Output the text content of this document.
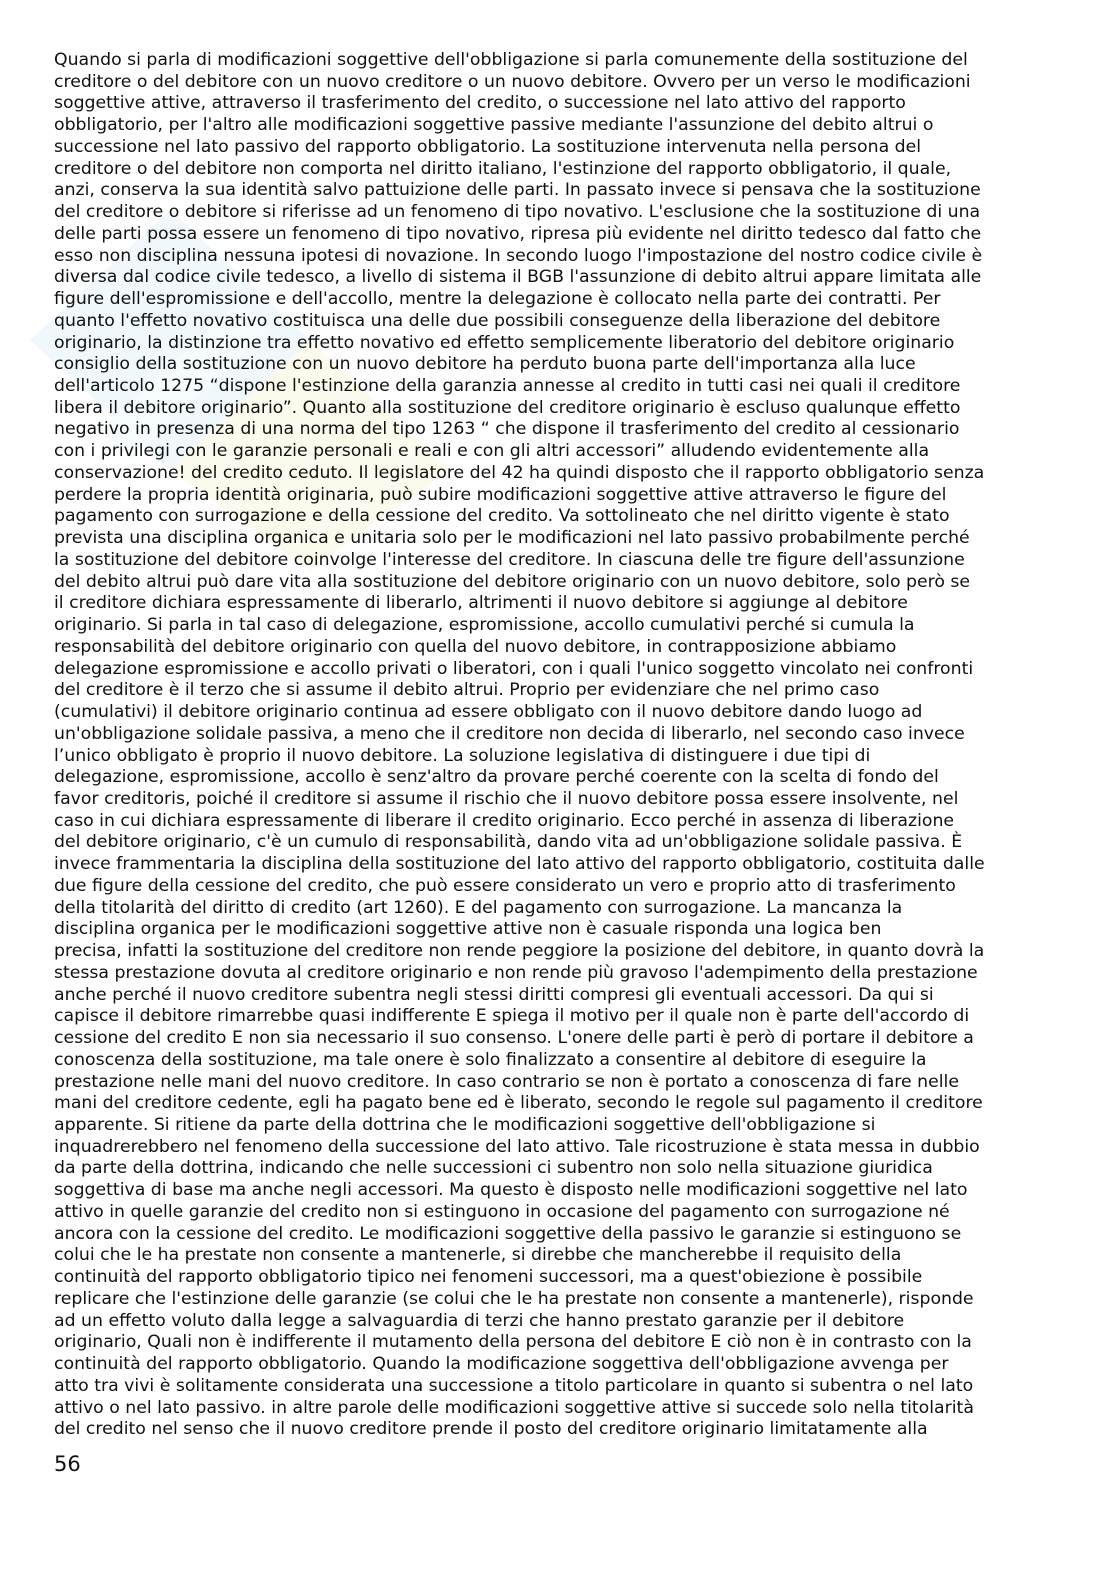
Quando si parla di modificazioni soggettive dell'obbligazione si parla comunemente della sostituzione del
creditore o del debitore con un nuovo creditore o un nuovo debitore. Ovvero per un verso le modificazioni
soggettive attive, attraverso il trasferimento del credito, o successione nel lato attivo del rapporto
obbligatorio, per l'altro alle modificazioni soggettive passive mediante l'assunzione del debito altrui o
successione nel lato passivo del rapporto obbligatorio. La sostituzione intervenuta nella persona del
creditore o del debitore non comporta nel diritto italiano, l'estinzione del rapporto obbligatorio, il quale,
anzi, conserva la sua identità salvo pattuizione delle parti. In passato invece si pensava che la sostituzione
del creditore o debitore si riferisse ad un fenomeno di tipo novativo. L'esclusione che la sostituzione di una
delle parti possa essere un fenomeno di tipo novativo, ripresa più evidente nel diritto tedesco dal fatto che
esso non disciplina nessuna ipotesi di novazione. In secondo luogo l'impostazione del nostro codice civile è
diversa dal codice civile tedesco, a livello di sistema il BGB l'assunzione di debito altrui appare limitata alle
figure dell'espromissione e dell'accollo, mentre la delegazione è collocato nella parte dei contratti. Per
quanto l'effetto novativo costituisca una delle due possibili conseguenze della liberazione del debitore
originario, la distinzione tra effetto novativo ed effetto semplicemente liberatorio del debitore originario
consiglio della sostituzione con un nuovo debitore ha perduto buona parte dell'importanza alla luce
dell'articolo 1275 “dispone l'estinzione della garanzia annesse al credito in tutti casi nei quali il creditore
libera il debitore originario”. Quanto alla sostituzione del creditore originario è escluso qualunque effetto
negativo in presenza di una norma del tipo 1263 “ che dispone il trasferimento del credito al cessionario
con i privilegi con le garanzie personali e reali e con gli altri accessori” alludendo evidentemente alla
conservazione! del credito ceduto. Il legislatore del 42 ha quindi disposto che il rapporto obbligatorio senza
perdere la propria identità originaria, può subire modificazioni soggettive attive attraverso le figure del
pagamento con surrogazione e della cessione del credito. Va sottolineato che nel diritto vigente è stato
prevista una disciplina organica e unitaria solo per le modificazioni nel lato passivo probabilmente perché
la sostituzione del debitore coinvolge l'interesse del creditore. In ciascuna delle tre figure dell'assunzione
del debito altrui può dare vita alla sostituzione del debitore originario con un nuovo debitore, solo però se
il creditore dichiara espressamente di liberarlo, altrimenti il nuovo debitore si aggiunge al debitore
originario. Si parla in tal caso di delegazione, espromissione, accollo cumulativi perché si cumula la
responsabilità del debitore originario con quella del nuovo debitore, in contrapposizione abbiamo
delegazione espromissione e accollo privati o liberatori, con i quali l'unico soggetto vincolato nei confronti
del creditore è il terzo che si assume il debito altrui. Proprio per evidenziare che nel primo caso
(cumulativi) il debitore originario continua ad essere obbligato con il nuovo debitore dando luogo ad
un'obbligazione solidale passiva, a meno che il creditore non decida di liberarlo, nel secondo caso invece
l’unico obbligato è proprio il nuovo debitore. La soluzione legislativa di distinguere i due tipi di
delegazione, espromissione, accollo è senz'altro da provare perché coerente con la scelta di fondo del
favor creditoris, poiché il creditore si assume il rischio che il nuovo debitore possa essere insolvente, nel
caso in cui dichiara espressamente di liberare il credito originario. Ecco perché in assenza di liberazione
del debitore originario, c'è un cumulo di responsabilità, dando vita ad un'obbligazione solidale passiva. È
invece frammentaria la disciplina della sostituzione del lato attivo del rapporto obbligatorio, costituita dalle
due figure della cessione del credito, che può essere considerato un vero e proprio atto di trasferimento
della titolarità del diritto di credito (art 1260). E del pagamento con surrogazione. La mancanza la
disciplina organica per le modificazioni soggettive attive non è casuale risponda una logica ben
precisa, infatti la sostituzione del creditore non rende peggiore la posizione del debitore, in quanto dovrà la
stessa prestazione dovuta al creditore originario e non rende più gravoso l'adempimento della prestazione
anche perché il nuovo creditore subentra negli stessi diritti compresi gli eventuali accessori. Da qui si
capisce il debitore rimarrebbe quasi indifferente E spiega il motivo per il quale non è parte dell'accordo di
cessione del credito E non sia necessario il suo consenso. L'onere delle parti è però di portare il debitore a
conoscenza della sostituzione, ma tale onere è solo finalizzato a consentire al debitore di eseguire la
prestazione nelle mani del nuovo creditore. In caso contrario se non è portato a conoscenza di fare nelle
mani del creditore cedente, egli ha pagato bene ed è liberato, secondo le regole sul pagamento il creditore
apparente. Si ritiene da parte della dottrina che le modificazioni soggettive dell'obbligazione si
inquadrerebbero nel fenomeno della successione del lato attivo. Tale ricostruzione è stata messa in dubbio
da parte della dottrina, indicando che nelle successioni ci subentro non solo nella situazione giuridica
soggettiva di base ma anche negli accessori. Ma questo è disposto nelle modificazioni soggettive nel lato
attivo in quelle garanzie del credito non si estinguono in occasione del pagamento con surrogazione né
ancora con la cessione del credito. Le modificazioni soggettive della passivo le garanzie si estinguono se
colui che le ha prestate non consente a mantenerle, si direbbe che mancherebbe il requisito della
continuità del rapporto obbligatorio tipico nei fenomeni successori, ma a quest'obiezione è possibile
replicare che l'estinzione delle garanzie (se colui che le ha prestate non consente a mantenerle), risponde
ad un effetto voluto dalla legge a salvaguardia di terzi che hanno prestato garanzie per il debitore
originario, Quali non è indifferente il mutamento della persona del debitore E ciò non è in contrasto con la
continuità del rapporto obbligatorio. Quando la modificazione soggettiva dell'obbligazione avvenga per
atto tra vivi è solitamente considerata una successione a titolo particolare in quanto si subentra o nel lato
attivo o nel lato passivo. in altre parole delle modificazioni soggettive attive si succede solo nella titolarità
del credito nel senso che il nuovo creditore prende il posto del creditore originario limitatamente alla
56
